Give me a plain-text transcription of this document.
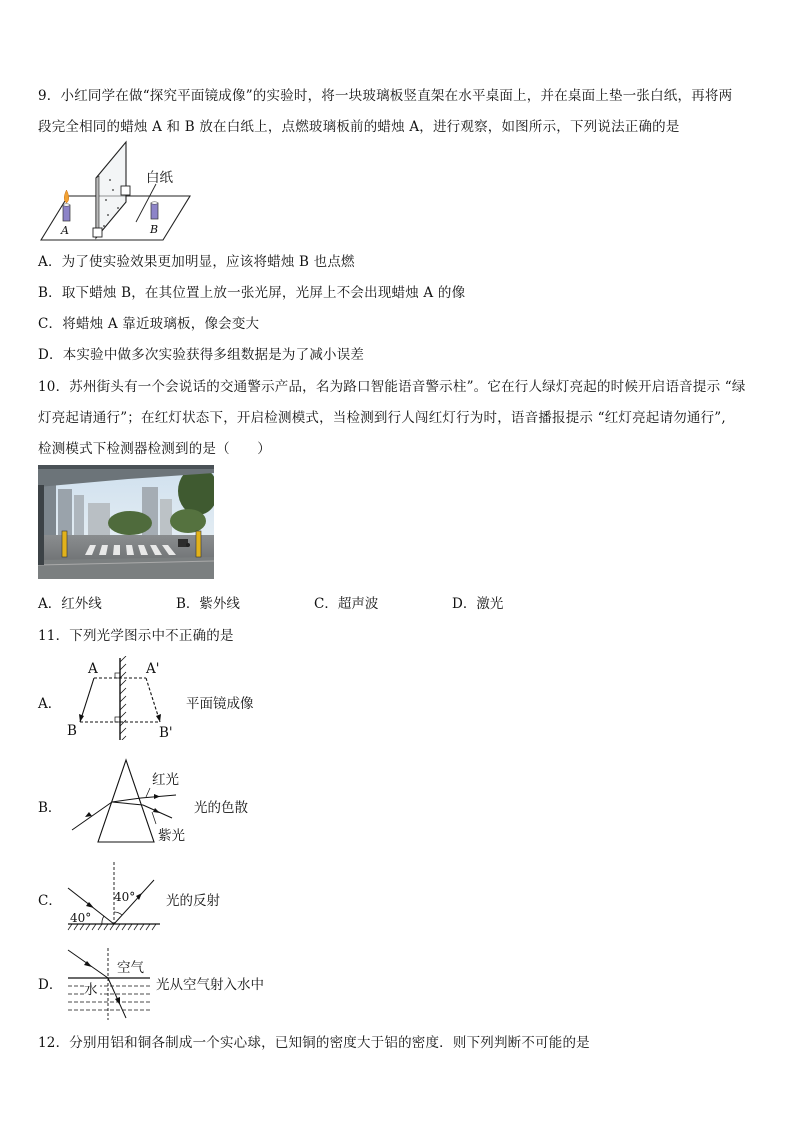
9．小红同学在做“探究平面镜成像”的实验时，将一块玻璃板竖直架在水平桌面上，并在桌面上垫一张白纸，再将两
段完全相同的蜡烛 A 和 B 放在白纸上，点燃玻璃板前的蜡烛 A，进行观察，如图所示，下列说法正确的是
白纸
A	B
A．为了使实验效果更加明显，应该将蜡烛 B 也点燃
B．取下蜡烛 B，在其位置上放一张光屏，光屏上不会出现蜡烛 A 的像
C．将蜡烛 A 靠近玻璃板，像会变大
D．本实验中做多次实验获得多组数据是为了减小误差
10．苏州街头有一个会说话的交通警示产品，名为路口智能语音警示柱”。它在行人绿灯亮起的时候开启语音提示 “绿
灯亮起请通行”；在红灯状态下，开启检测模式，当检测到行人闯红灯行为时，语音播报提示 “红灯亮起请勿通行”,
检测模式下检测器检测到的是（　　）
A．红外线	B．紫外线	C．超声波	D．激光
11．下列光学图示中不正确的是
A．
A	A'
B	B'
平面镜成像
B．
红光
紫光
光的色散
C．	40°
40°
光的反射
D．
空气
水	光从空气射入水中
12．分别用铝和铜各制成一个实心球，已知铜的密度大于铝的密度．则下列判断不可能的是
